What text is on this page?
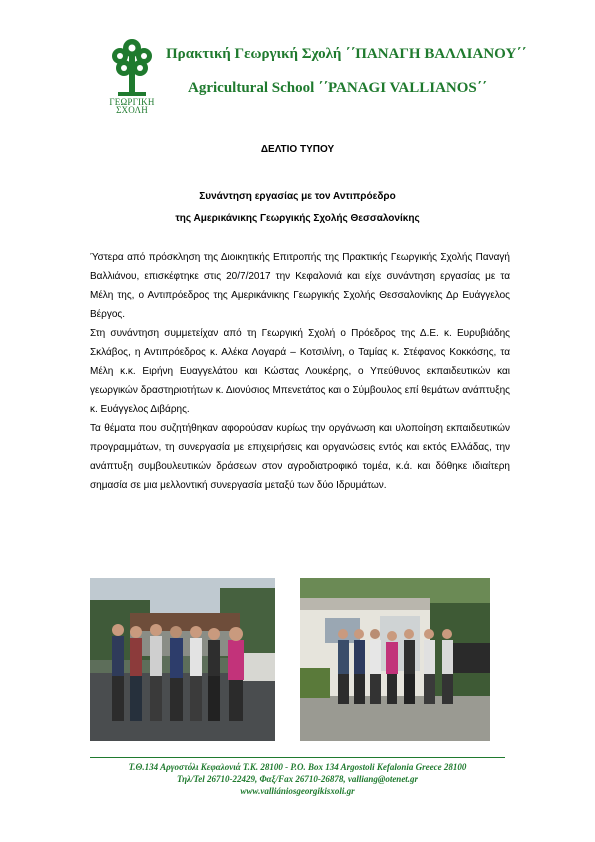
ΓΕΩΡΓΙΚΗ
ΣΧΟΛΗ
Πρακτική Γεωργική Σχολή ΄΄ΠΑΝΑΓΗ ΒΑΛΛΙΑΝΟΥ΄΄
Agricultural School ΄΄PANAGI VALLIANOS΄΄
ΔΕΛΤΙΟ ΤΥΠΟΥ
Συνάντηση εργασίας με τον Αντιπρόεδρο
της Αμερικάνικης Γεωργικής Σχολής Θεσσαλονίκης

Ύστερα από πρόσκληση της Διοικητικής Επιτροπής της Πρακτικής Γεωργικής Σχολής Παναγή Βαλλιάνου, επισκέφτηκε στις 20/7/2017 την Κεφαλονιά και είχε συνάντηση εργασίας με τα Μέλη της, ο Αντιπρόεδρος της Αμερικάνικης Γεωργικής Σχολής Θεσσαλονίκης Δρ Ευάγγελος Βέργος.

Στη συνάντηση συμμετείχαν από τη Γεωργική Σχολή ο Πρόεδρος της Δ.Ε. κ. Ευρυβιάδης Σκλάβος, η Αντιπρόεδρος κ. Αλέκα Λογαρά – Κοτσιλίνη, ο Ταμίας κ. Στέφανος Κοκκόσης, τα Μέλη κ.κ. Ειρήνη Ευαγγελάτου και Κώστας Λουκέρης, ο Υπεύθυνος εκπαιδευτικών και γεωργικών δραστηριοτήτων κ. Διονύσιος Μπενετάτος και ο Σύμβουλος επί θεμάτων ανάπτυξης κ. Ευάγγελος Διβάρης.

Τα θέματα που συζητήθηκαν αφορούσαν κυρίως την οργάνωση και υλοποίηση εκπαιδευτικών προγραμμάτων, τη συνεργασία με επιχειρήσεις και οργανώσεις εντός και εκτός Ελλάδας, την ανάπτυξη συμβουλευτικών δράσεων στον αγροδιατροφικό τομέα, κ.ά. και δόθηκε ιδιαίτερη σημασία σε μια μελλοντική συνεργασία μεταξύ των δύο Ιδρυμάτων.

Τ.Θ.134 Αργοστόλι Κεφαλονιά Τ.Κ. 28100 - P.O. Box 134 Argostoli Kefalonia Greece 28100
Τηλ/Tel 26710-22429, Φαξ/Fax 26710-26878, valliang@otenet.gr
www.valliániosgeorgikisxoli.gr
